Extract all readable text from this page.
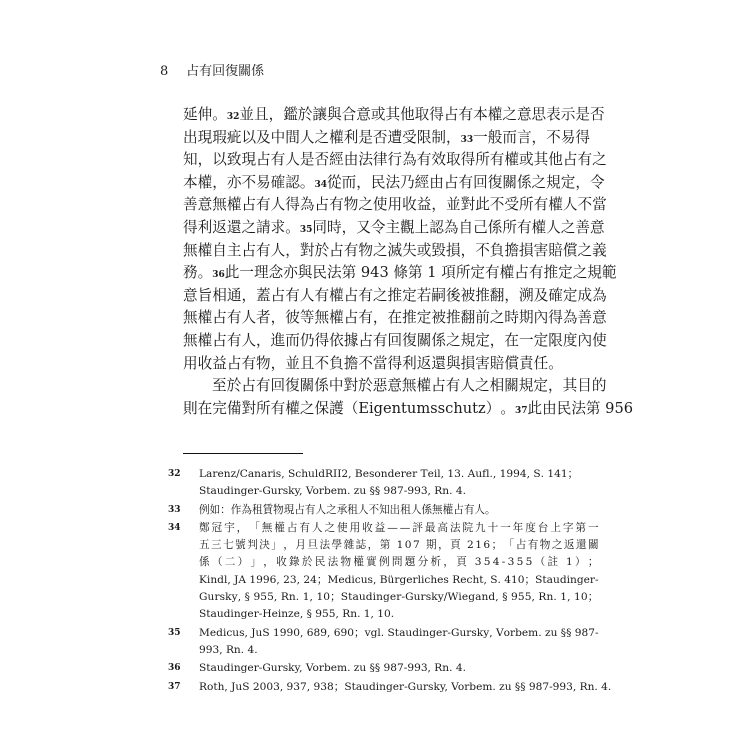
8 占有回復關係
延 伸 。 32 並 且 ， 鑑 於 讓 與 合 意 或 其 他 取 得 占 有 本 權 之 意 思 表 示 是 否
出 現 瑕 疵 以 及 中 間 人 之 權 利 是 否 遭 受 限 制 ， 33 一 般 而 言 ， 不 易 得
知 ， 以 致 現 占 有 人 是 否 經 由 法 律 行 為 有 效 取 得 所 有 權 或 其 他 占 有 之
本 權 ， 亦 不 易 確 認 。 34 從 而 ， 民 法 乃 經 由 占 有 回 復 關 係 之 規 定 ， 令
善 意 無 權 占 有 人 得 為 占 有 物 之 使 用 收 益 ， 並 對 此 不 受 所 有 權 人 不 當
得 利 返 還 之 請 求 。 35 同 時 ， 又 令 主 觀 上 認 為 自 己 係 所 有 權 人 之 善 意
無 權 自 主 占 有 人 ， 對 於 占 有 物 之 滅 失 或 毀 損 ， 不 負 擔 損 害 賠 償 之 義
務 。 36 此 一 理 念 亦 與 民 法 第
9 4 3
條 第
1
項 所 定 有 權 占 有 推 定 之 規 範
意 旨 相 通 ， 蓋 占 有 人 有 權 占 有 之 推 定 若 嗣 後 被 推 翻 ， 溯 及 確 定 成 為
無 權 占 有 人 者 ， 彼 等 無 權 占 有 ， 在 推 定 被 推 翻 前 之 時 期 內 得 為 善 意
無 權 占 有 人 ， 進 而 仍 得 依 據 占 有 回 復 關 係 之 規 定 ， 在 一 定 限 度 內 使
用 收 益 占 有 物 ， 並 且 不 負 擔 不 當 得 利 返 還 與 損 害 賠 償 責 任 。
至 於 占 有 回 復 關 係 中 對 於 惡 意 無 權 占 有 人 之 相 關 規 定 ， 其 目 的
則 在 完 備 對 所 有 權 之 保 護 （ E i g e n t u m s s c h u t z ） 。 37 此 由 民 法 第
9 5 6
32	L a r e n z / C a n a r i s ,
S c h u l d R I I 2 ,
B e s o n d e r e r
T e i l ,
1 3 .
A u f l . ,
1 9 9 4 ,
S .
1 4 1 ；
Staudinger-Gursky, Vorbem. zu §§ 987-993, Rn. 4.
33	例如：作為租賃物現占有人之承租人不知出租人係無權占有人。
34	鄭 冠 宇 ， 「 無 權 占 有 人 之 使 用 收 益 — — 評 最 高 法 院 九 十 一 年 度 台 上 字 第 一
五 三 七 號 判 決 」 ， 月 旦 法 學 雜 誌 ， 第
1 0 7
期 ， 頁
2 1 6 ； 「 占 有 物 之 返 還 關
係 （ 二 ） 」 ， 收 錄 於 民 法 物 權 實 例 問 題 分 析 ， 頁
3 5 4 - 3 5 5 （ 註
1 ） ；
K i n d l ,
J A
1 9 9 6 ,
2 3 ,
2 4 ； M e d i c u s ,
B ü r g e r l i c h e s
R e c h t ,
S .
4 1 0 ； S t a u d i n g e r -
G u r s k y ,
§
9 5 5 ,
R n .
1 ,
1 0 ； S t a u d i n g e r - G u r s k y / W i e g a n d ,
§
9 5 5 ,
R n .
1 ,
1 0 ；
Staudinger-Heinze, § 955, Rn. 1, 10.
35	M e d i c u s ,
J u S
1 9 9 0 ,
6 8 9 ,
6 9 0 ； v g l .
S t a u d i n g e r - G u r s k y ,
V o r b e m .
z u
§ §
9 8 7 -
993, Rn. 4.
36	Staudinger-Gursky, Vorbem. zu §§ 987-993, Rn. 4.
37	Roth, JuS 2003, 937, 938；Staudinger-Gursky, Vorbem. zu §§ 987-993, Rn. 4.
